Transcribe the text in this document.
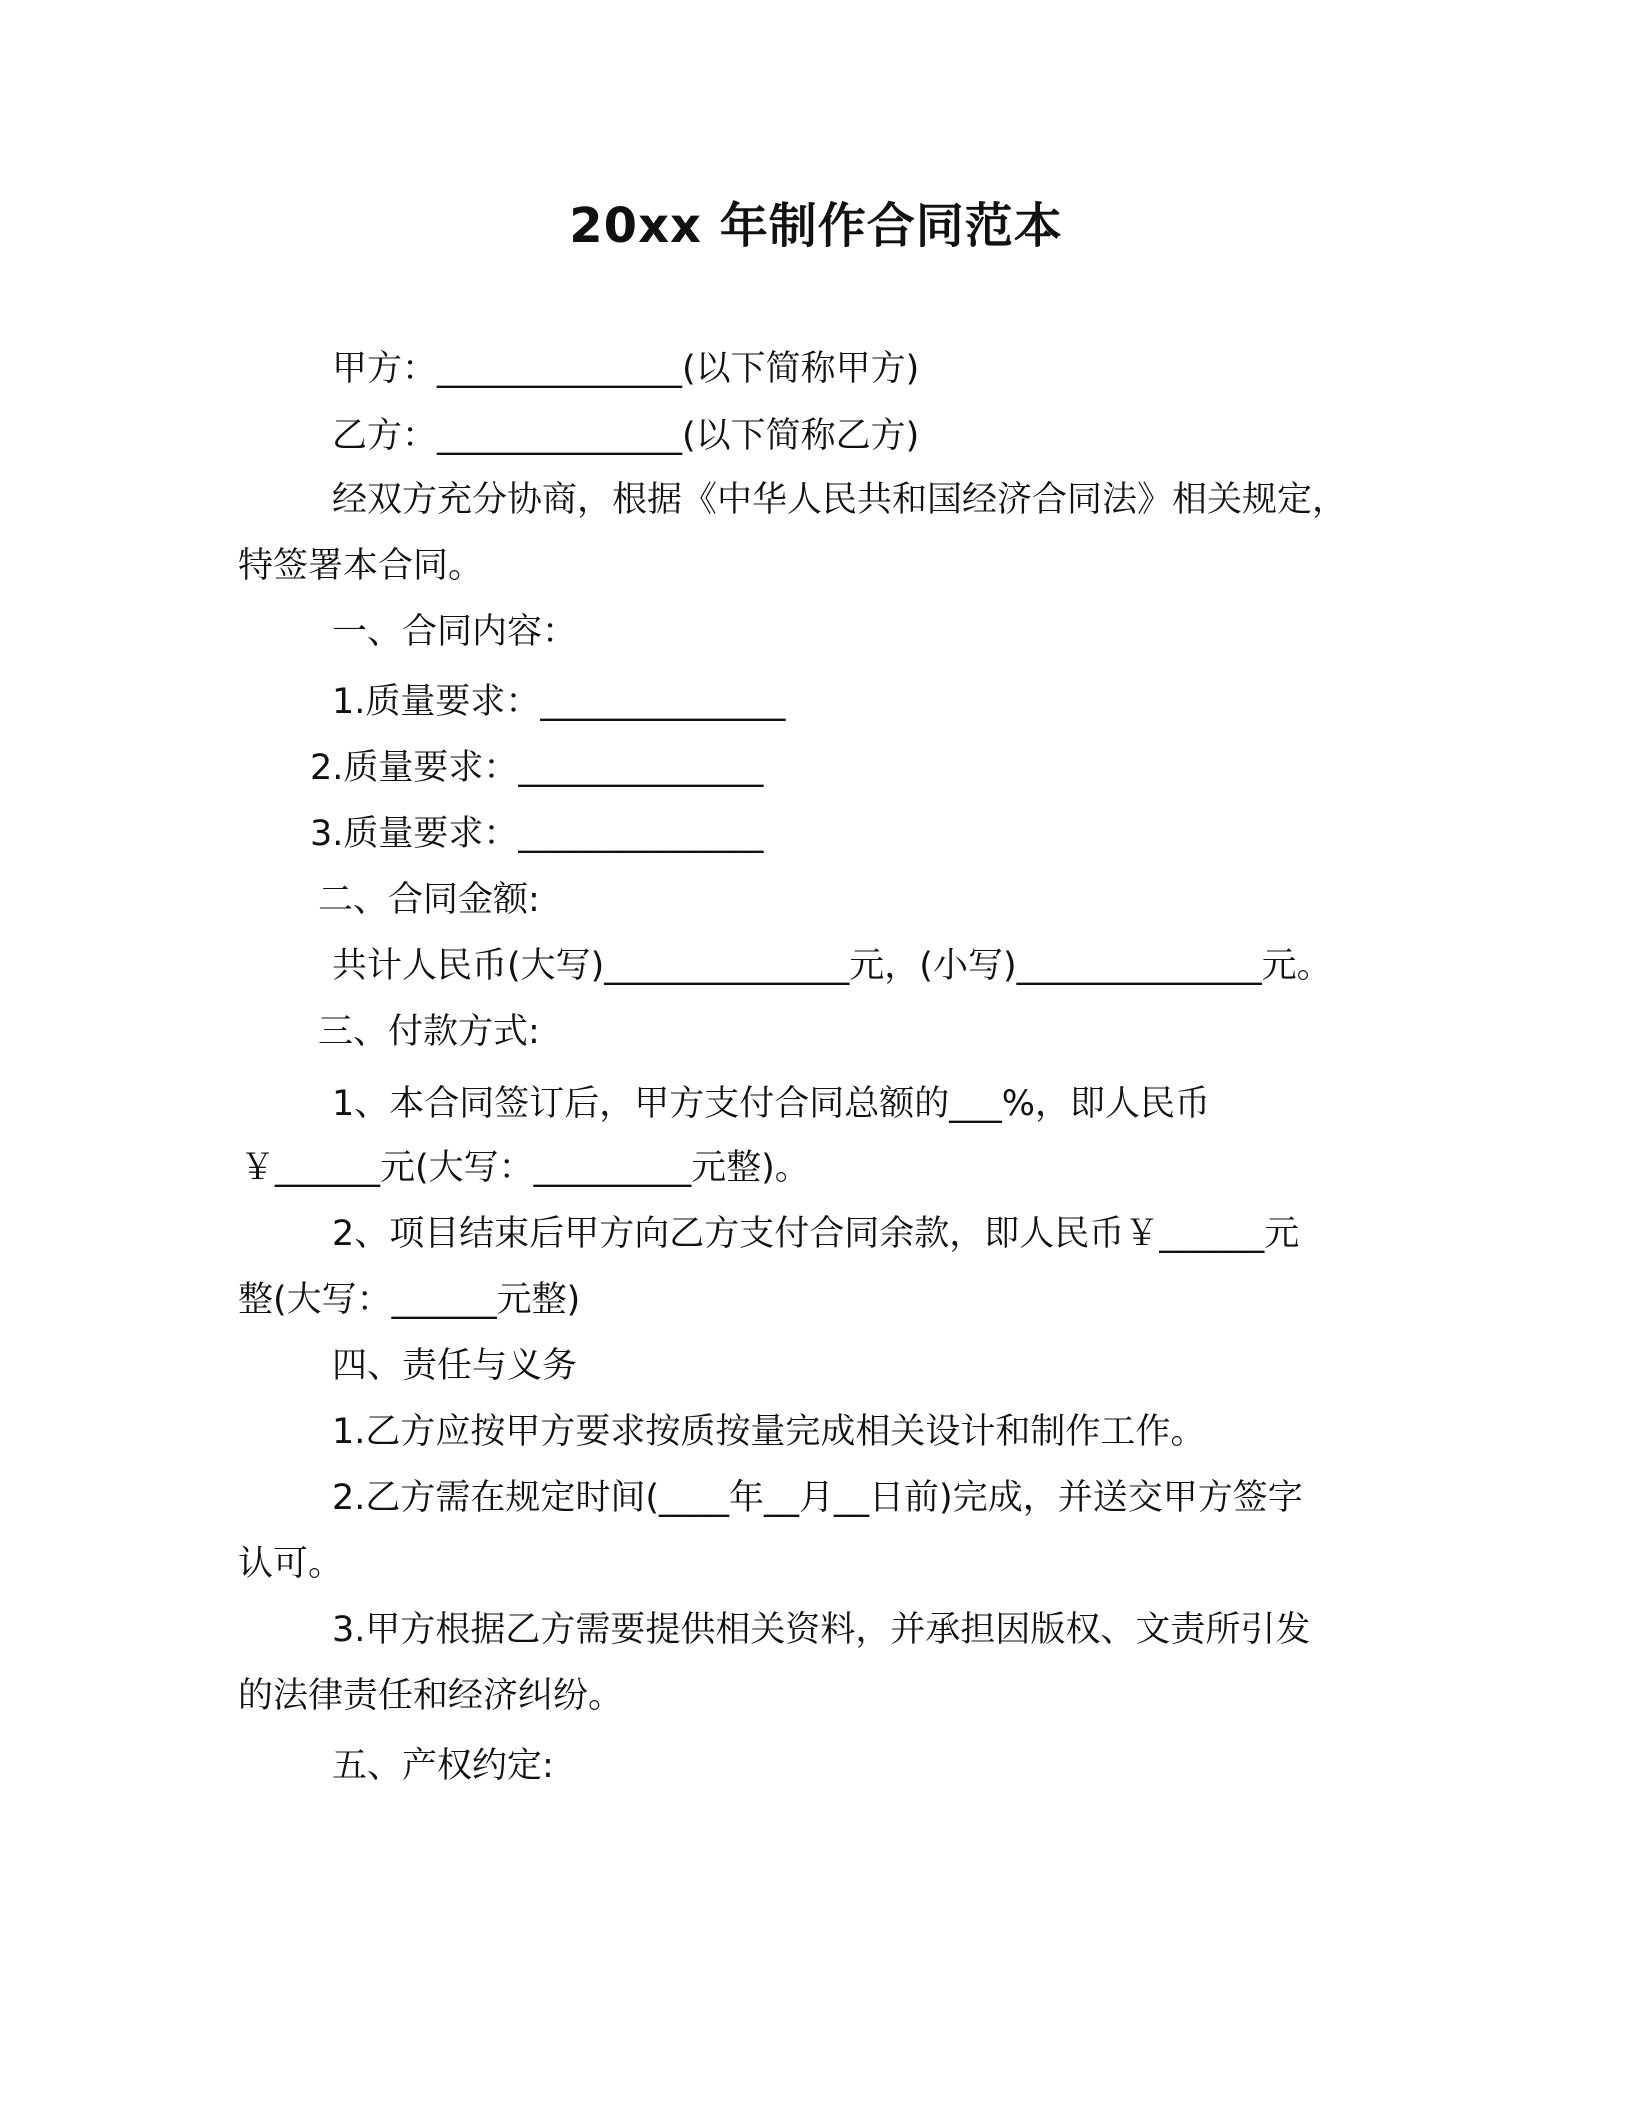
20xx 年制作合同范本
甲方：______________(以下简称甲方)
乙方：______________(以下简称乙方)
经双方充分协商，根据《中华人民共和国经济合同法》相关规定，
特签署本合同。
一、合同内容：
1.质量要求：______________
2.质量要求：______________
3.质量要求：______________
二、合同金额:
共计人民币(大写)______________元，(小写)______________元。
三、付款方式:
1、本合同签订后，甲方支付合同总额的___%，即人民币
￥______元(大写：_________元整)。
2、项目结束后甲方向乙方支付合同余款，即人民币￥______元
整(大写：______元整)
四、责任与义务
1.乙方应按甲方要求按质按量完成相关设计和制作工作。
2.乙方需在规定时间(____年__月__日前)完成，并送交甲方签字
认可。
3.甲方根据乙方需要提供相关资料，并承担因版权、文责所引发
的法律责任和经济纠纷。
五、产权约定:
